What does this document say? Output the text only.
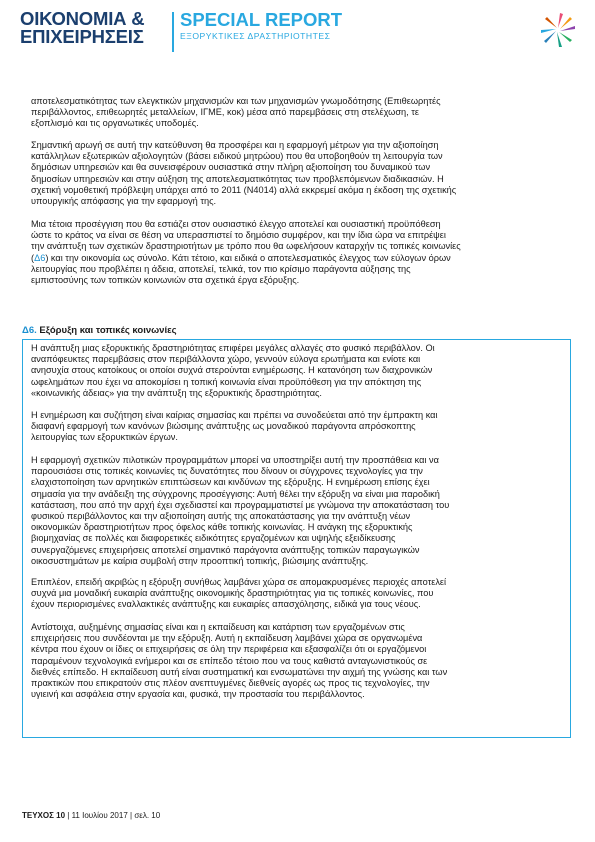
ΟΙΚΟΝΟΜΙΑ &
ΕΠΙΧΕΙΡΗΣΕΙΣ
SPECIAL REPORT
ΕΞΟΡΥΚΤΙΚΕΣ ΔΡΑΣΤΗΡΙΟΤΗΤΕΣ
αποτελεσματικότητας των ελεγκτικών μηχανισμών και των μηχανισμών γνωμοδότησης (Επιθεωρητές
περιβάλλοντος, επιθεωρητές μεταλλείων, ΙΓΜΕ, κοκ) μέσα από παρεμβάσεις στη στελέχωση, τε
εξοπλισμό και τις οργανωτικές υποδομές.
Σημαντική αρωγή σε αυτή την κατεύθυνση θα προσφέρει και η εφαρμογή μέτρων για την αξιοποίηση
κατάλληλων εξωτερικών αξιολογητών (βάσει ειδικού μητρώου) που θα υποβοηθούν τη λειτουργία των
δημόσιων υπηρεσιών και θα συνεισφέρουν ουσιαστικά στην πλήρη αξιοποίηση του δυναμικού των
δημοσίων υπηρεσιών και στην αύξηση της αποτελεσματικότητας των προβλεπόμενων διαδικασιών. Η
σχετική νομοθετική πρόβλεψη υπάρχει από το 2011 (Ν4014) αλλά εκκρεμεί ακόμα η έκδοση της σχετικής
υπουργικής απόφασης για την εφαρμογή της.
Μια τέτοια προσέγγιση που θα εστιάζει στον ουσιαστικό έλεγχο αποτελεί και ουσιαστική προϋπόθεση
ώστε το κράτος να είναι σε θέση να υπερασπιστεί το δημόσιο συμφέρον, και την ίδια ώρα να επιτρέψει
την ανάπτυξη των σχετικών δραστηριοτήτων με τρόπο που θα ωφελήσουν καταρχήν τις τοπικές κοινωνίες
(Δ6) και την οικονομία ως σύνολο. Κάτι τέτοιο, και ειδικά ο αποτελεσματικός έλεγχος των εύλογων όρων
λειτουργίας που προβλέπει η άδεια, αποτελεί, τελικά, τον πιο κρίσιμο παράγοντα αύξησης της
εμπιστοσύνης των τοπικών κοινωνιών στα σχετικά έργα εξόρυξης.
Δ6. Εξόρυξη και τοπικές κοινωνίες
Η ανάπτυξη μιας εξορυκτικής δραστηριότητας επιφέρει μεγάλες αλλαγές στο φυσικό περιβάλλον. Οι
αναπόφευκτες παρεμβάσεις στον περιβάλλοντα χώρο, γεννούν εύλογα ερωτήματα και ενίοτε και
ανησυχία στους κατοίκους οι οποίοι συχνά στερούνται ενημέρωσης. Η κατανόηση των διαχρονικών
ωφελημάτων που έχει να αποκομίσει η τοπική κοινωνία είναι προϋπόθεση για την απόκτηση της
«κοινωνικής άδειας» για την ανάπτυξη της εξορυκτικής δραστηριότητας.
Η ενημέρωση και συζήτηση είναι καίριας σημασίας και πρέπει να συνοδεύεται από την έμπρακτη και
διαφανή εφαρμογή των κανόνων βιώσιμης ανάπτυξης ως μοναδικού παράγοντα απρόσκοπτης
λειτουργίας των εξορυκτικών έργων.
Η εφαρμογή σχετικών πιλοτικών προγραμμάτων μπορεί να υποστηρίξει αυτή την προσπάθεια και να
παρουσιάσει στις τοπικές κοινωνίες τις δυνατότητες που δίνουν οι σύγχρονες τεχνολογίες για την
ελαχιστοποίηση των αρνητικών επιπτώσεων και κινδύνων της εξόρυξης. Η ενημέρωση επίσης έχει
σημασία για την ανάδειξη της σύγχρονης προσέγγισης: Αυτή θέλει την εξόρυξη να είναι μια παροδική
κατάσταση, που από την αρχή έχει σχεδιαστεί και προγραμματιστεί με γνώμονα την αποκατάσταση του
φυσικού περιβάλλοντος και την αξιοποίηση αυτής της αποκατάστασης για την ανάπτυξη νέων
οικονομικών δραστηριοτήτων προς όφελος κάθε τοπικής κοινωνίας. Η ανάγκη της εξορυκτικής
βιομηχανίας σε πολλές και διαφορετικές ειδικότητες εργαζομένων και υψηλής εξειδίκευσης
συνεργαζόμενες επιχειρήσεις αποτελεί σημαντικό παράγοντα ανάπτυξης τοπικών παραγωγικών
οικοσυστημάτων με καίρια συμβολή στην προοπτική τοπικής, βιώσιμης ανάπτυξης.
Επιπλέον, επειδή ακριβώς η εξόρυξη συνήθως λαμβάνει χώρα σε απομακρυσμένες περιοχές αποτελεί
συχνά μια μοναδική ευκαιρία ανάπτυξης οικονομικής δραστηριότητας για τις τοπικές κοινωνίες, που
έχουν περιορισμένες εναλλακτικές ανάπτυξης και ευκαιρίες απασχόλησης, ειδικά για τους νέους.
Αντίστοιχα, αυξημένης σημασίας είναι και η εκπαίδευση και κατάρτιση των εργαζομένων στις
επιχειρήσεις που συνδέονται με την εξόρυξη. Αυτή η εκπαίδευση λαμβάνει χώρα σε οργανωμένα
κέντρα που έχουν οι ίδιες οι επιχειρήσεις σε όλη την περιφέρεια και εξασφαλίζει ότι οι εργαζόμενοι
παραμένουν τεχνολογικά ενήμεροι και σε επίπεδο τέτοιο που να τους καθιστά ανταγωνιστικούς σε
διεθνές επίπεδο. Η εκπαίδευση αυτή είναι συστηματική και ενσωματώνει την αιχμή της γνώσης και των
πρακτικών που επικρατούν στις πλέον ανεπτυγμένες διεθνείς αγορές ως προς τις τεχνολογίες, την
υγιεινή και ασφάλεια στην εργασία και, φυσικά, την προστασία του περιβάλλοντος.
ΤΕΥΧΟΣ 10 | 11 Ιουλίου 2017 | σελ. 10
